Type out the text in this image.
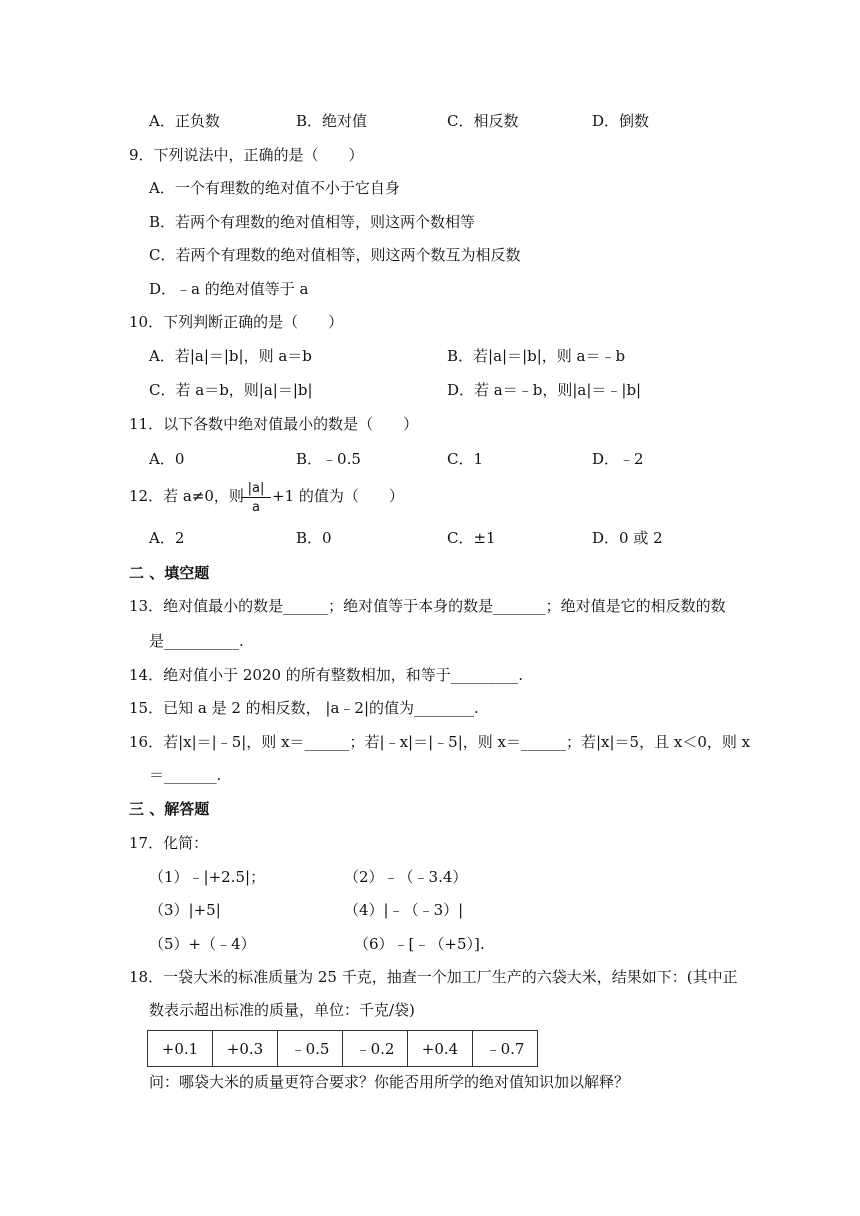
A．正负数	B．绝对值	C．相反数	D．倒数
9．下列说法中，正确的是（　　）
A．一个有理数的绝对值不小于它自身
B．若两个有理数的绝对值相等，则这两个数相等
C．若两个有理数的绝对值相等，则这两个数互为相反数
D．﹣a 的绝对值等于 a
10．下列判断正确的是（　　）
A．若|a|＝|b|，则 a＝b	B．若|a|＝|b|，则 a＝﹣b
C．若 a＝b，则|a|＝|b|	D．若 a＝﹣b，则|a|＝﹣|b|
11．以下各数中绝对值最小的数是（　　）
A．0	B．﹣0.5	C．1	D．﹣2
12．若 a≠0，则
$\frac{|a|}{a}$
+1 的值为（　　）
A．2	B．0	C．±1	D．0 或 2
二 、填空题
13．绝对值最小的数是______；绝对值等于本身的数是_______；绝对值是它的相反数的数
是__________.
14．绝对值小于 2020 的所有整数相加，和等于_________.
15．已知 a 是 2 的相反数， |a﹣2|的值为________.
16．若|x|＝|﹣5|，则 x＝______；若|﹣x|＝|﹣5|，则 x＝______；若|x|＝5，且 x＜0，则 x
＝_______.
三 、解答题
17．化简：
（1）﹣|+2.5|；	（2）﹣（﹣3.4）
（3）|+5|	（4）|﹣（﹣3）|
（5）+（﹣4）	（6）﹣[﹣（+5）].
18．一袋大米的标准质量为 25 千克，抽查一个加工厂生产的六袋大米，结果如下：(其中正
数表示超出标准的质量，单位：千克/袋)
+0.1	+0.3	﹣0.5	﹣0.2	+0.4	﹣0.7
问：哪袋大米的质量更符合要求？你能否用所学的绝对值知识加以解释？
